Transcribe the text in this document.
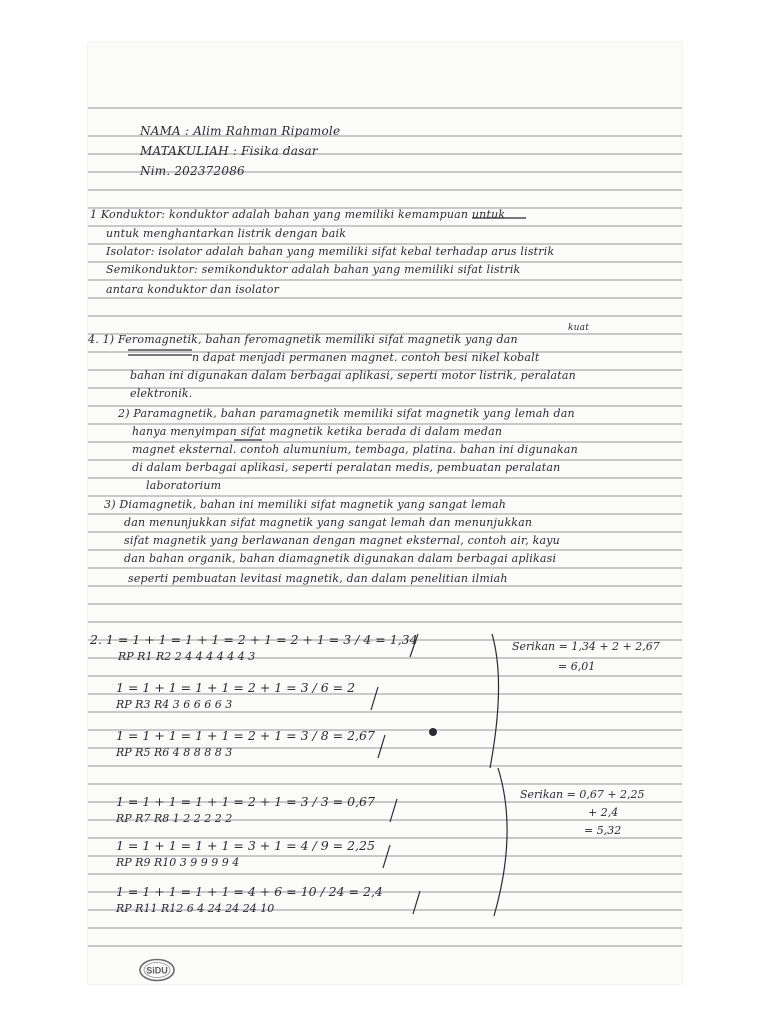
NAMA : Alim Rahman Ripamole

MATAKULIAH : Fisika dasar

Nim. 202372086

1 Konduktor: konduktor adalah bahan yang memiliki kemampuan untuk

untuk menghantarkan listrik dengan baik

Isolator: isolator adalah bahan yang memiliki sifat kebal terhadap arus listrik

Semikonduktor: semikonduktor adalah bahan yang memiliki sifat listrik

antara konduktor dan isolator

kuat

4. 1) Feromagnetik, bahan feromagnetik memiliki sifat magnetik yang dan

n dapat menjadi permanen magnet. contoh besi nikel kobalt

bahan ini digunakan dalam berbagai aplikasi, seperti motor listrik, peralatan

elektronik.

2) Paramagnetik, bahan paramagnetik memiliki sifat magnetik yang lemah dan

hanya menyimpan sifat magnetik ketika berada di dalam medan

magnet eksternal. contoh alumunium, tembaga, platina. bahan ini digunakan

di dalam berbagai aplikasi, seperti peralatan medis, pembuatan peralatan

laboratorium

3) Diamagnetik, bahan ini memiliki sifat magnetik yang sangat lemah

dan menunjukkan sifat magnetik yang sangat lemah dan menunjukkan

sifat magnetik yang berlawanan dengan magnet eksternal, contoh air, kayu

dan bahan organik, bahan diamagnetik digunakan dalam berbagai aplikasi

seperti pembuatan levitasi magnetik, dan dalam penelitian ilmiah

2. 1 = 1 + 1 = 1 + 1 = 2 + 1 = 2 + 1 = 3 / 4 = 1,34

RP R1 R2 2 4 4 4 4 4 4 3

1 = 1 + 1 = 1 + 1 = 2 + 1 = 3 / 6 = 2

RP R3 R4 3 6 6 6 6 3

1 = 1 + 1 = 1 + 1 = 2 + 1 = 3 / 8 = 2,67

RP R5 R6 4 8 8 8 8 3

1 = 1 + 1 = 1 + 1 = 2 + 1 = 3 / 3 = 0,67

RP R7 R8 1 2 2 2 2 2

1 = 1 + 1 = 1 + 1 = 3 + 1 = 4 / 9 = 2,25

RP R9 R10 3 9 9 9 9 4

1 = 1 + 1 = 1 + 1 = 4 + 6 = 10 / 24 = 2,4

RP R11 R12 6 4 24 24 24 10

Serikan = 1,34 + 2 + 2,67

= 6,01

Serikan = 0,67 + 2,25

+ 2,4

= 5,32

SiDU
